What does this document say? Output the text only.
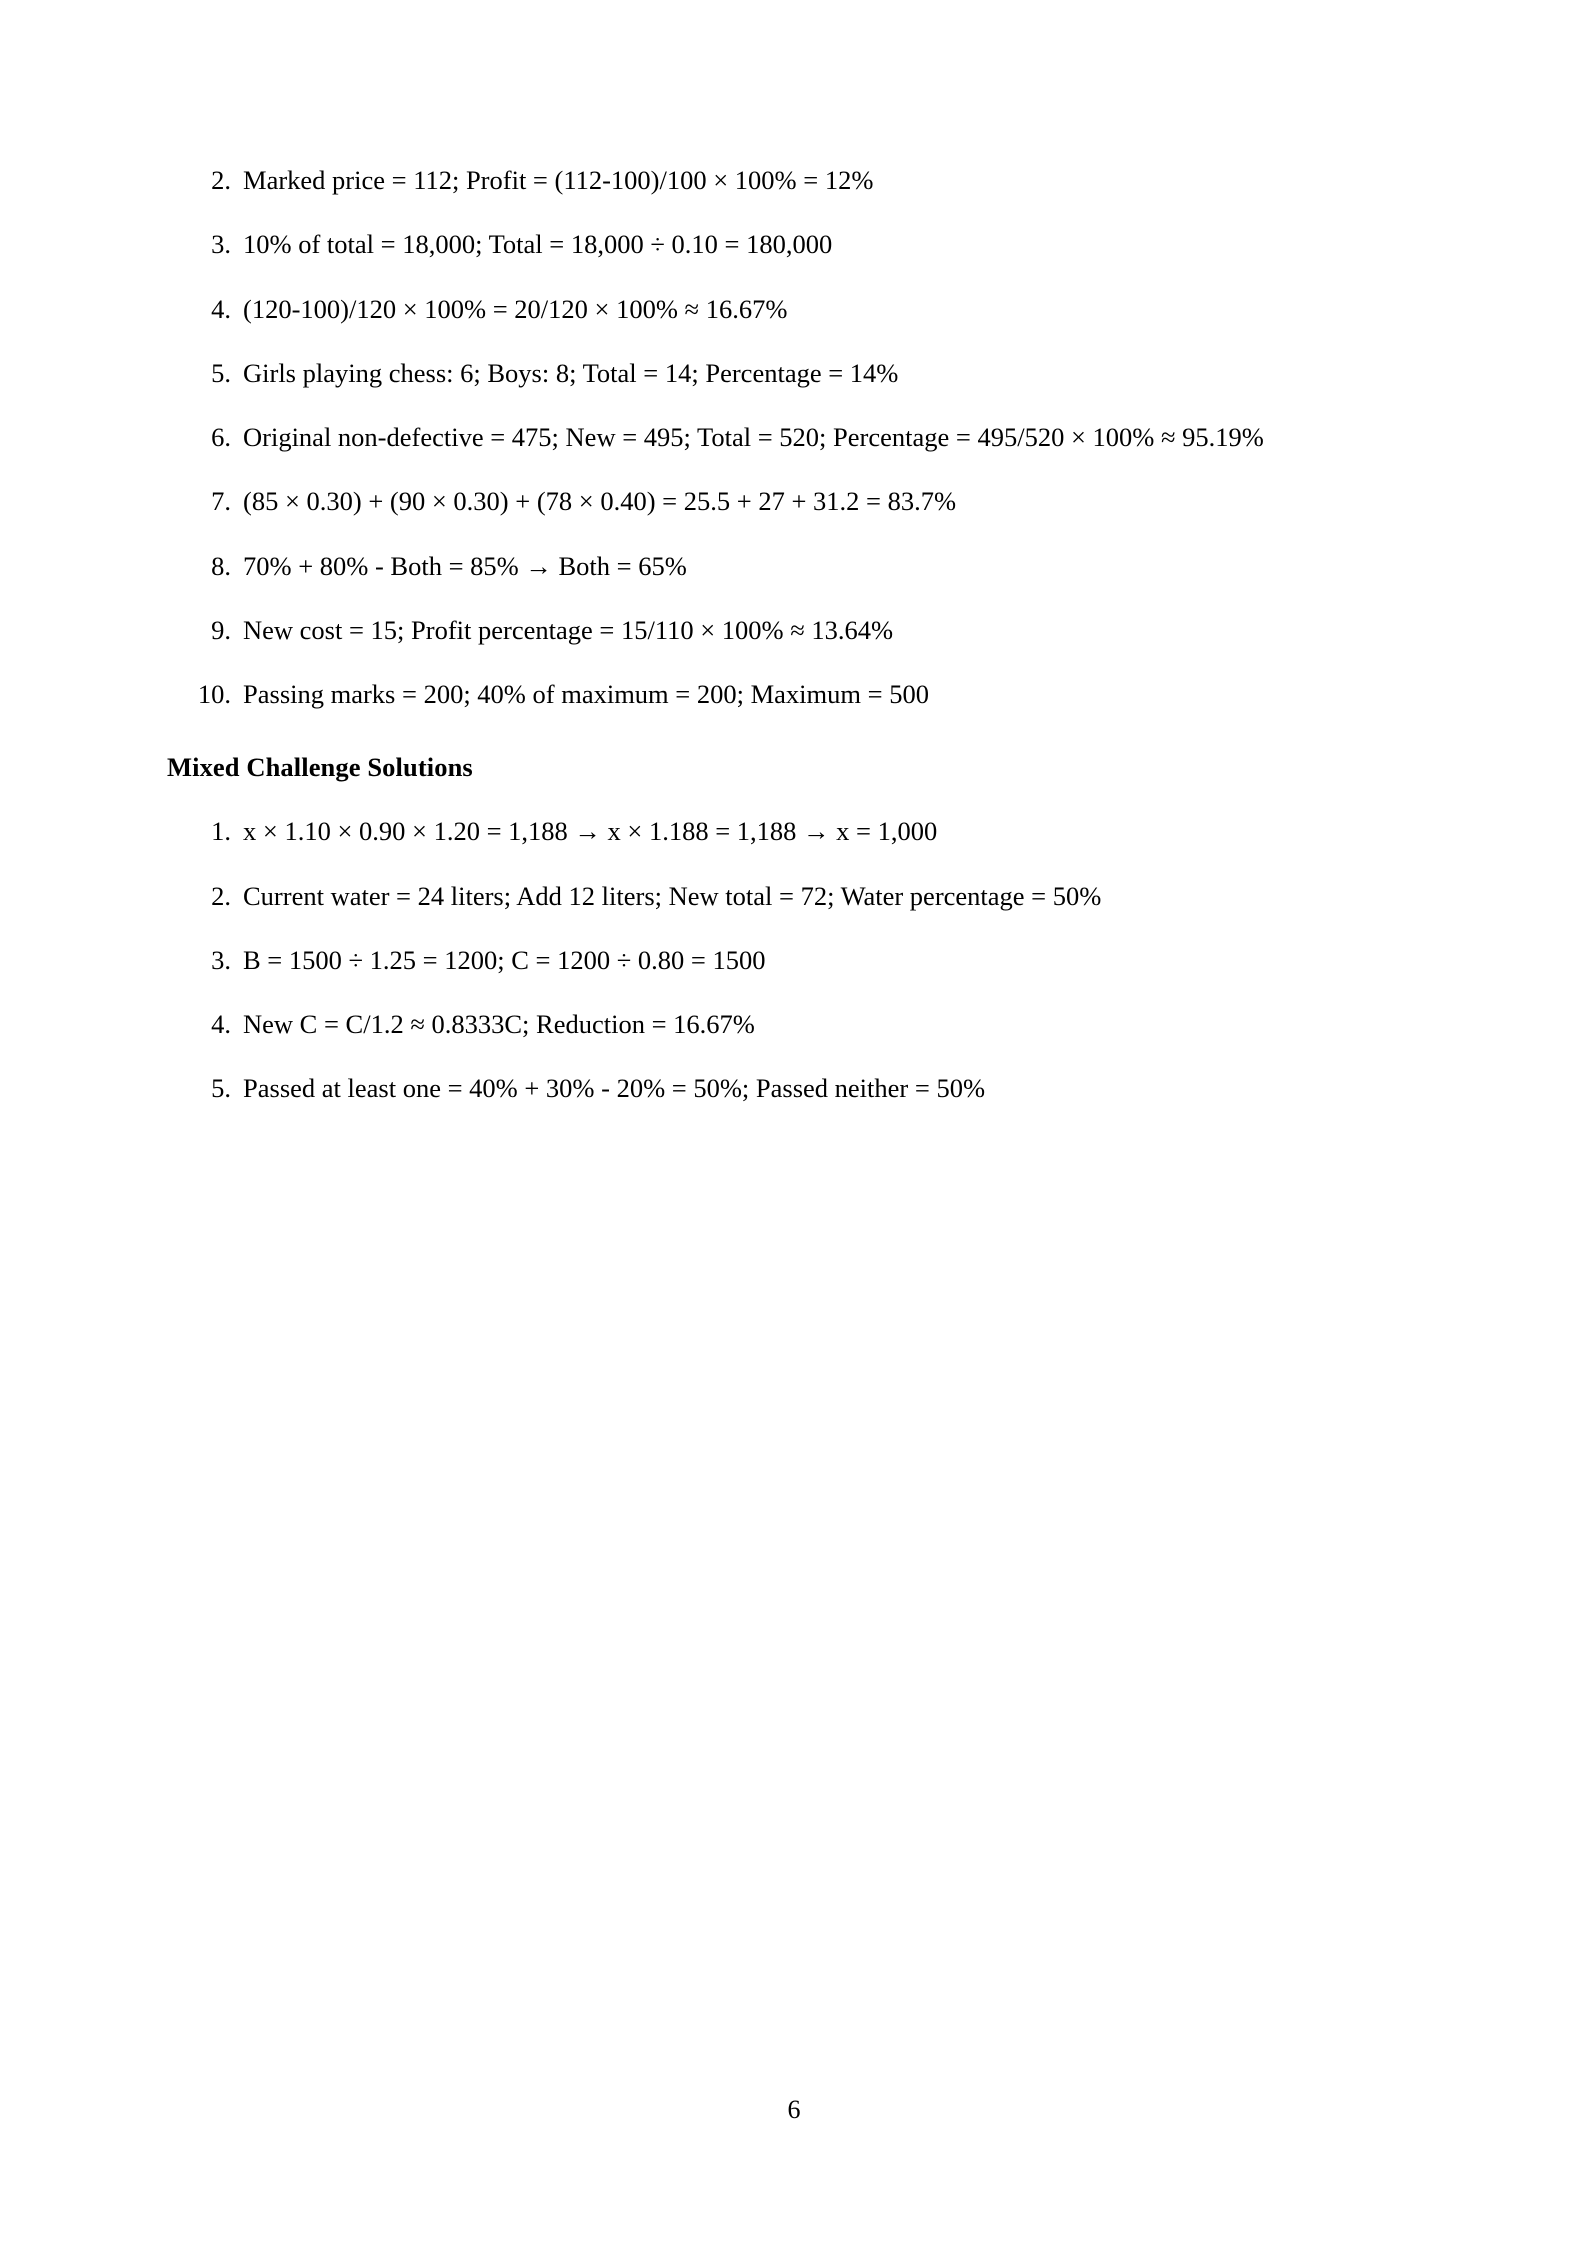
2. Marked price = 112; Profit = (112-100)/100 × 100% = 12%
3. 10% of total = 18,000; Total = 18,000 ÷ 0.10 = 180,000
4. (120-100)/120 × 100% = 20/120 × 100% ≈ 16.67%
5. Girls playing chess: 6; Boys: 8; Total = 14; Percentage = 14%
6. Original non-defective = 475; New = 495; Total = 520; Percentage = 495/520 × 100% ≈ 95.19%
7. (85 × 0.30) + (90 × 0.30) + (78 × 0.40) = 25.5 + 27 + 31.2 = 83.7%
8. 70% + 80% - Both = 85% → Both = 65%
9. New cost = 15; Profit percentage = 15/110 × 100% ≈ 13.64%
10. Passing marks = 200; 40% of maximum = 200; Maximum = 500
Mixed Challenge Solutions
1. x × 1.10 × 0.90 × 1.20 = 1,188 → x × 1.188 = 1,188 → x = 1,000
2. Current water = 24 liters; Add 12 liters; New total = 72; Water percentage = 50%
3. B = 1500 ÷ 1.25 = 1200; C = 1200 ÷ 0.80 = 1500
4. New C = C/1.2 ≈ 0.8333C; Reduction = 16.67%
5. Passed at least one = 40% + 30% - 20% = 50%; Passed neither = 50%
6
